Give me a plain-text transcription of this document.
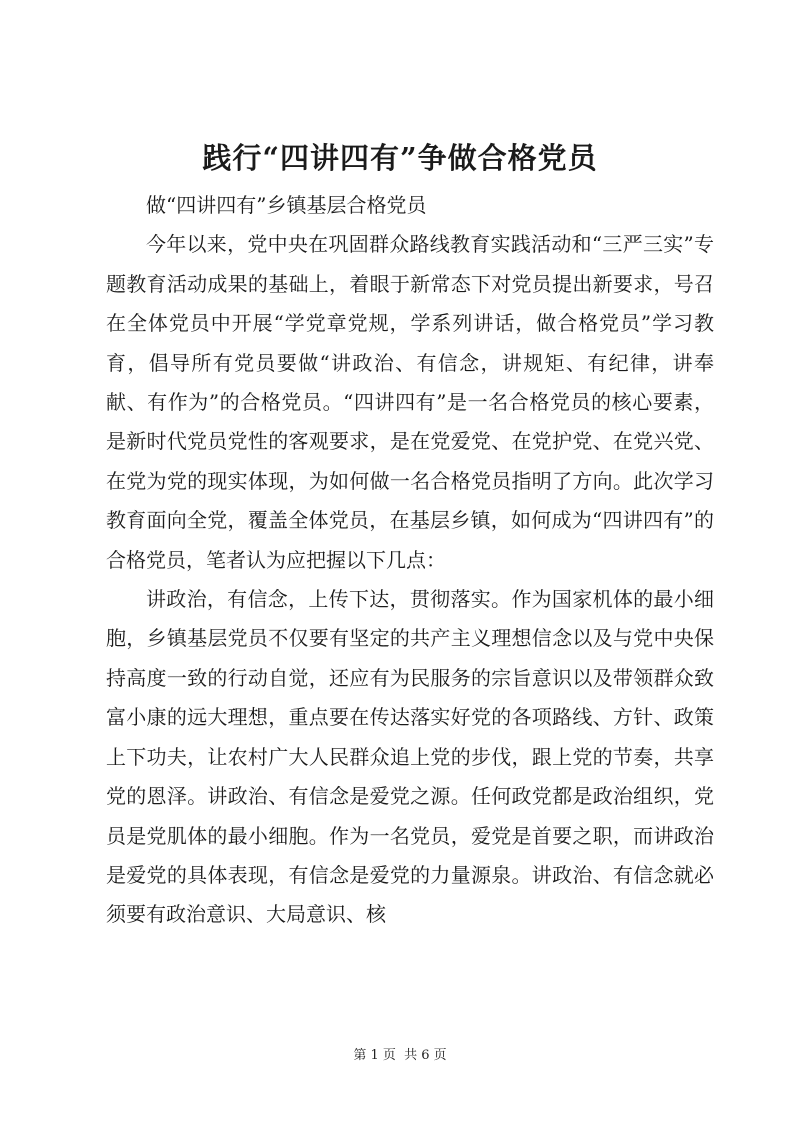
践行“四讲四有”争做合格党员

做“四讲四有”乡镇基层合格党员

今年以来，党中央在巩固群众路线教育实践活动和“三严三实”专题教育活动成果的基础上，着眼于新常态下对党员提出新要求，号召在全体党员中开展“学党章党规，学系列讲话，做合格党员”学习教育，倡导所有党员要做“讲政治、有信念，讲规矩、有纪律，讲奉献、有作为”的合格党员。“四讲四有”是一名合格党员的核心要素，是新时代党员党性的客观要求，是在党爱党、在党护党、在党兴党、在党为党的现实体现，为如何做一名合格党员指明了方向。此次学习教育面向全党，覆盖全体党员，在基层乡镇，如何成为“四讲四有”的合格党员，笔者认为应把握以下几点：

讲政治，有信念，上传下达，贯彻落实。作为国家机体的最小细胞，乡镇基层党员不仅要有坚定的共产主义理想信念以及与党中央保持高度一致的行动自觉，还应有为民服务的宗旨意识以及带领群众致富小康的远大理想，重点要在传达落实好党的各项路线、方针、政策上下功夫，让农村广大人民群众追上党的步伐，跟上党的节奏，共享党的恩泽。讲政治、有信念是爱党之源。任何政党都是政治组织，党员是党肌体的最小细胞。作为一名党员，爱党是首要之职，而讲政治是爱党的具体表现，有信念是爱党的力量源泉。讲政治、有信念就必须要有政治意识、大局意识、核

第 1 页 共 6 页
